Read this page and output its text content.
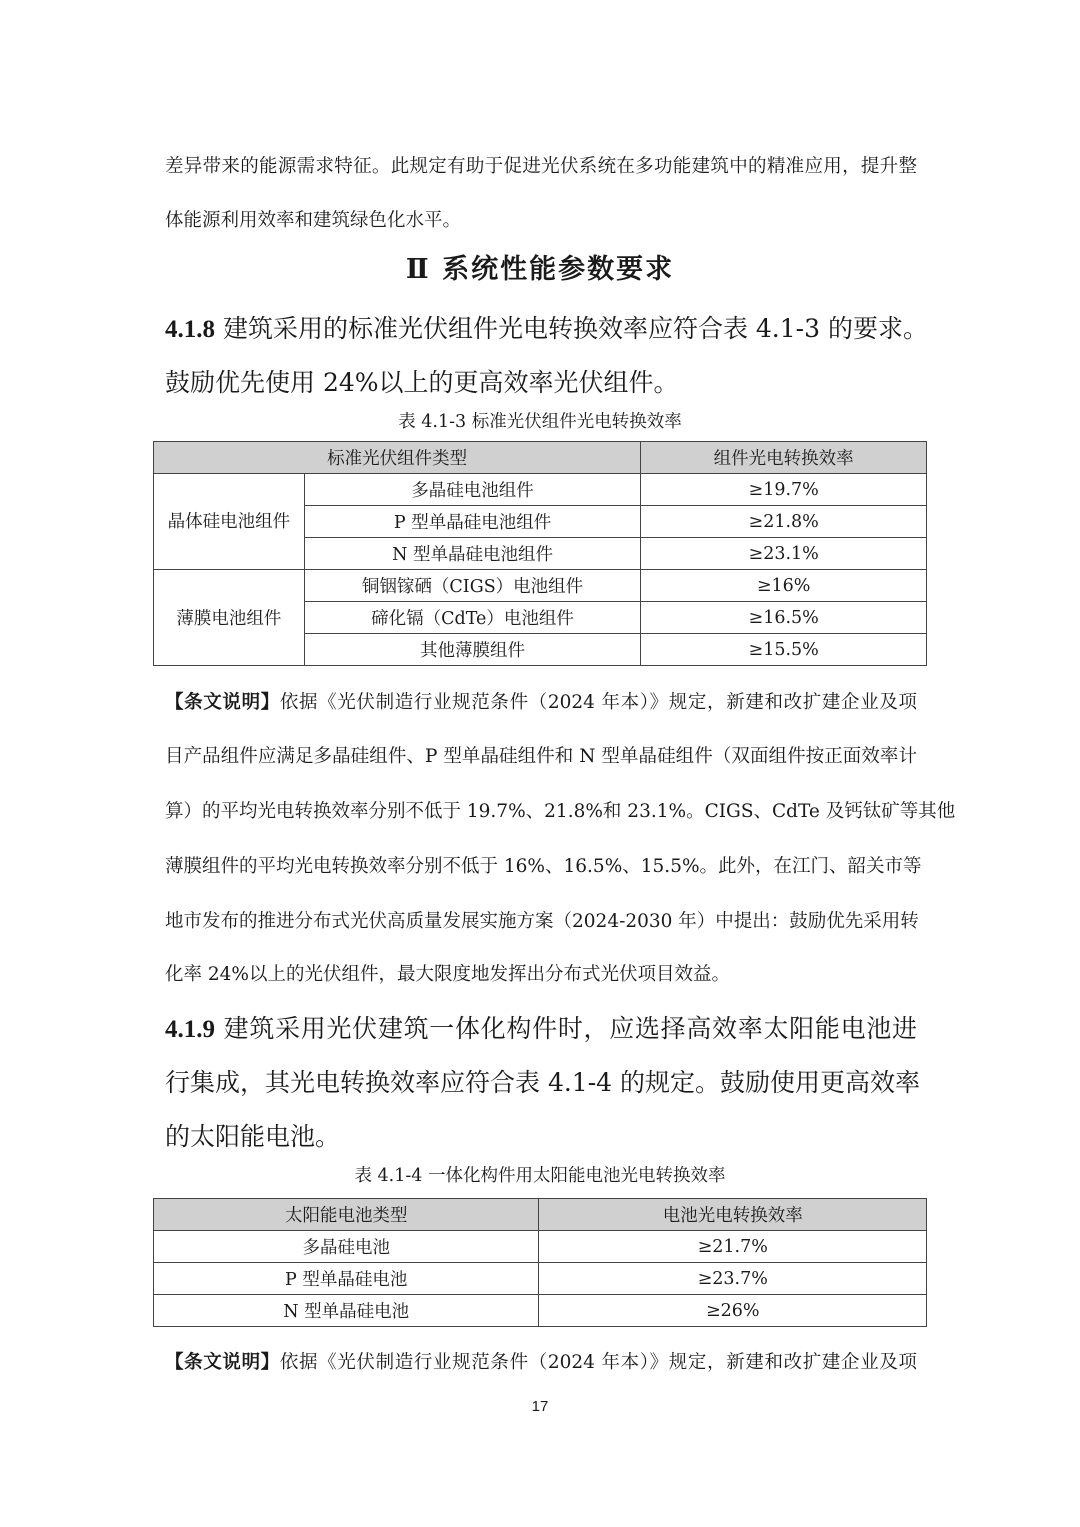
差异带来的能源需求特征。此规定有助于促进光伏系统在多功能建筑中的精准应用，提升整
体能源利用效率和建筑绿色化水平。
Ⅱ 系统性能参数要求
4.1.8 建筑采用的标准光伏组件光电转换效率应符合表 4.1-3 的要求。
鼓励优先使用 24%以上的更高效率光伏组件。
表 4.1-3 标准光伏组件光电转换效率
标准光伏组件类型		组件光电转换效率
晶体硅电池组件	多晶硅电池组件	≥19.7%
	P 型单晶硅电池组件	≥21.8%
	N 型单晶硅电池组件	≥23.1%
薄膜电池组件	铜铟镓硒（CIGS）电池组件	≥16%
	碲化镉（CdTe）电池组件	≥16.5%
	其他薄膜组件	≥15.5%
【条文说明】依据《光伏制造行业规范条件（2024 年本）》规定，新建和改扩建企业及项
目产品组件应满足多晶硅组件、P 型单晶硅组件和 N 型单晶硅组件（双面组件按正面效率计
算）的平均光电转换效率分别不低于 19.7%、21.8%和 23.1%。CIGS、CdTe 及钙钛矿等其他
薄膜组件的平均光电转换效率分别不低于 16%、16.5%、15.5%。此外，在江门、韶关市等
地市发布的推进分布式光伏高质量发展实施方案（2024-2030 年）中提出：鼓励优先采用转
化率 24%以上的光伏组件，最大限度地发挥出分布式光伏项目效益。
4.1.9 建筑采用光伏建筑一体化构件时，应选择高效率太阳能电池进
行集成，其光电转换效率应符合表 4.1-4 的规定。鼓励使用更高效率
的太阳能电池。
表 4.1-4 一体化构件用太阳能电池光电转换效率
太阳能电池类型	电池光电转换效率
多晶硅电池	≥21.7%
P 型单晶硅电池	≥23.7%
N 型单晶硅电池	≥26%
【条文说明】依据《光伏制造行业规范条件（2024 年本）》规定，新建和改扩建企业及项
17
